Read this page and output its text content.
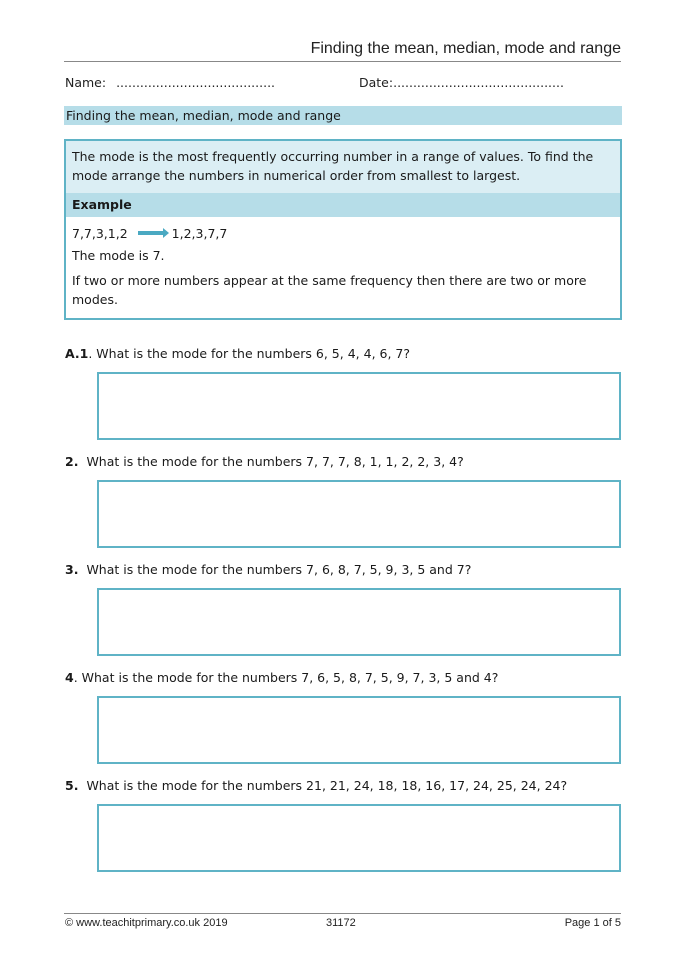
Finding the mean, median, mode and range
Name: ........................................	Date:...........................................
Finding the mean, median, mode and range
The mode is the most frequently occurring number in a range of values. To find the mode arrange the numbers in numerical order from smallest to largest.
Example
7,7,3,1,2	1,2,3,7,7
The mode is 7.
If two or more numbers appear at the same frequency then there are two or more modes.
A.1. What is the mode for the numbers 6, 5, 4, 4, 6, 7?
2. What is the mode for the numbers 7, 7, 7, 8, 1, 1, 2, 2, 3, 4?
3. What is the mode for the numbers 7, 6, 8, 7, 5, 9, 3, 5 and 7?
4. What is the mode for the numbers 7, 6, 5, 8, 7, 5, 9, 7, 3, 5 and 4?
5. What is the mode for the numbers 21, 21, 24, 18, 18, 16, 17, 24, 25, 24, 24?
© www.teachitprimary.co.uk 2019	31172	Page 1 of 5
